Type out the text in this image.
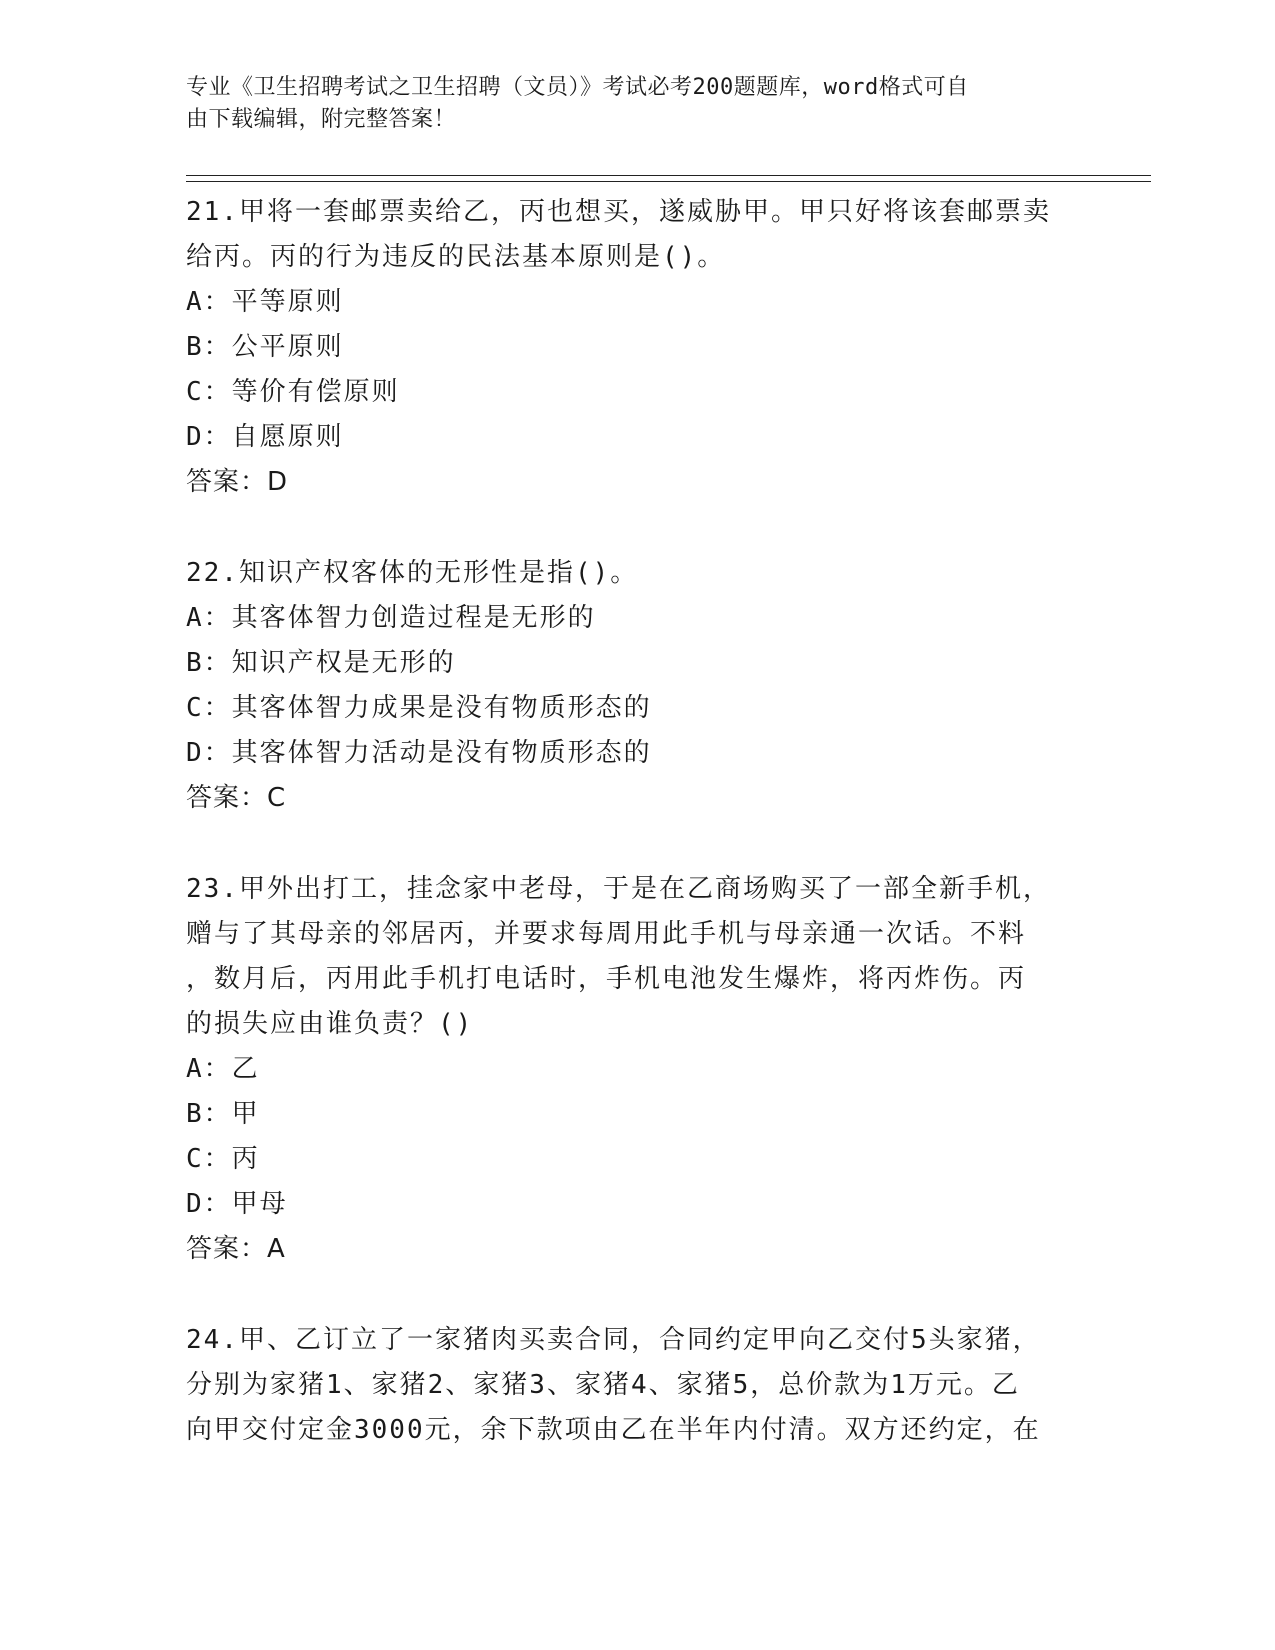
专业《卫生招聘考试之卫生招聘（文员）》考试必考200题题库，word格式可自
由下载编辑，附完整答案！
21.甲将一套邮票卖给乙，丙也想买，遂威胁甲。甲只好将该套邮票卖
给丙。丙的行为违反的民法基本原则是()。
A：平等原则
B：公平原则
C：等价有偿原则
D：自愿原则
答案：D
22.知识产权客体的无形性是指()。
A：其客体智力创造过程是无形的
B：知识产权是无形的
C：其客体智力成果是没有物质形态的
D：其客体智力活动是没有物质形态的
答案：C
23.甲外出打工，挂念家中老母，于是在乙商场购买了一部全新手机，
赠与了其母亲的邻居丙，并要求每周用此手机与母亲通一次话。不料
，数月后，丙用此手机打电话时，手机电池发生爆炸，将丙炸伤。丙
的损失应由谁负责？()
A：乙
B：甲
C：丙
D：甲母
答案：A
24.甲、乙订立了一家猪肉买卖合同，合同约定甲向乙交付5头家猪，
分别为家猪1、家猪2、家猪3、家猪4、家猪5，总价款为1万元。乙
向甲交付定金3000元，余下款项由乙在半年内付清。双方还约定，在
